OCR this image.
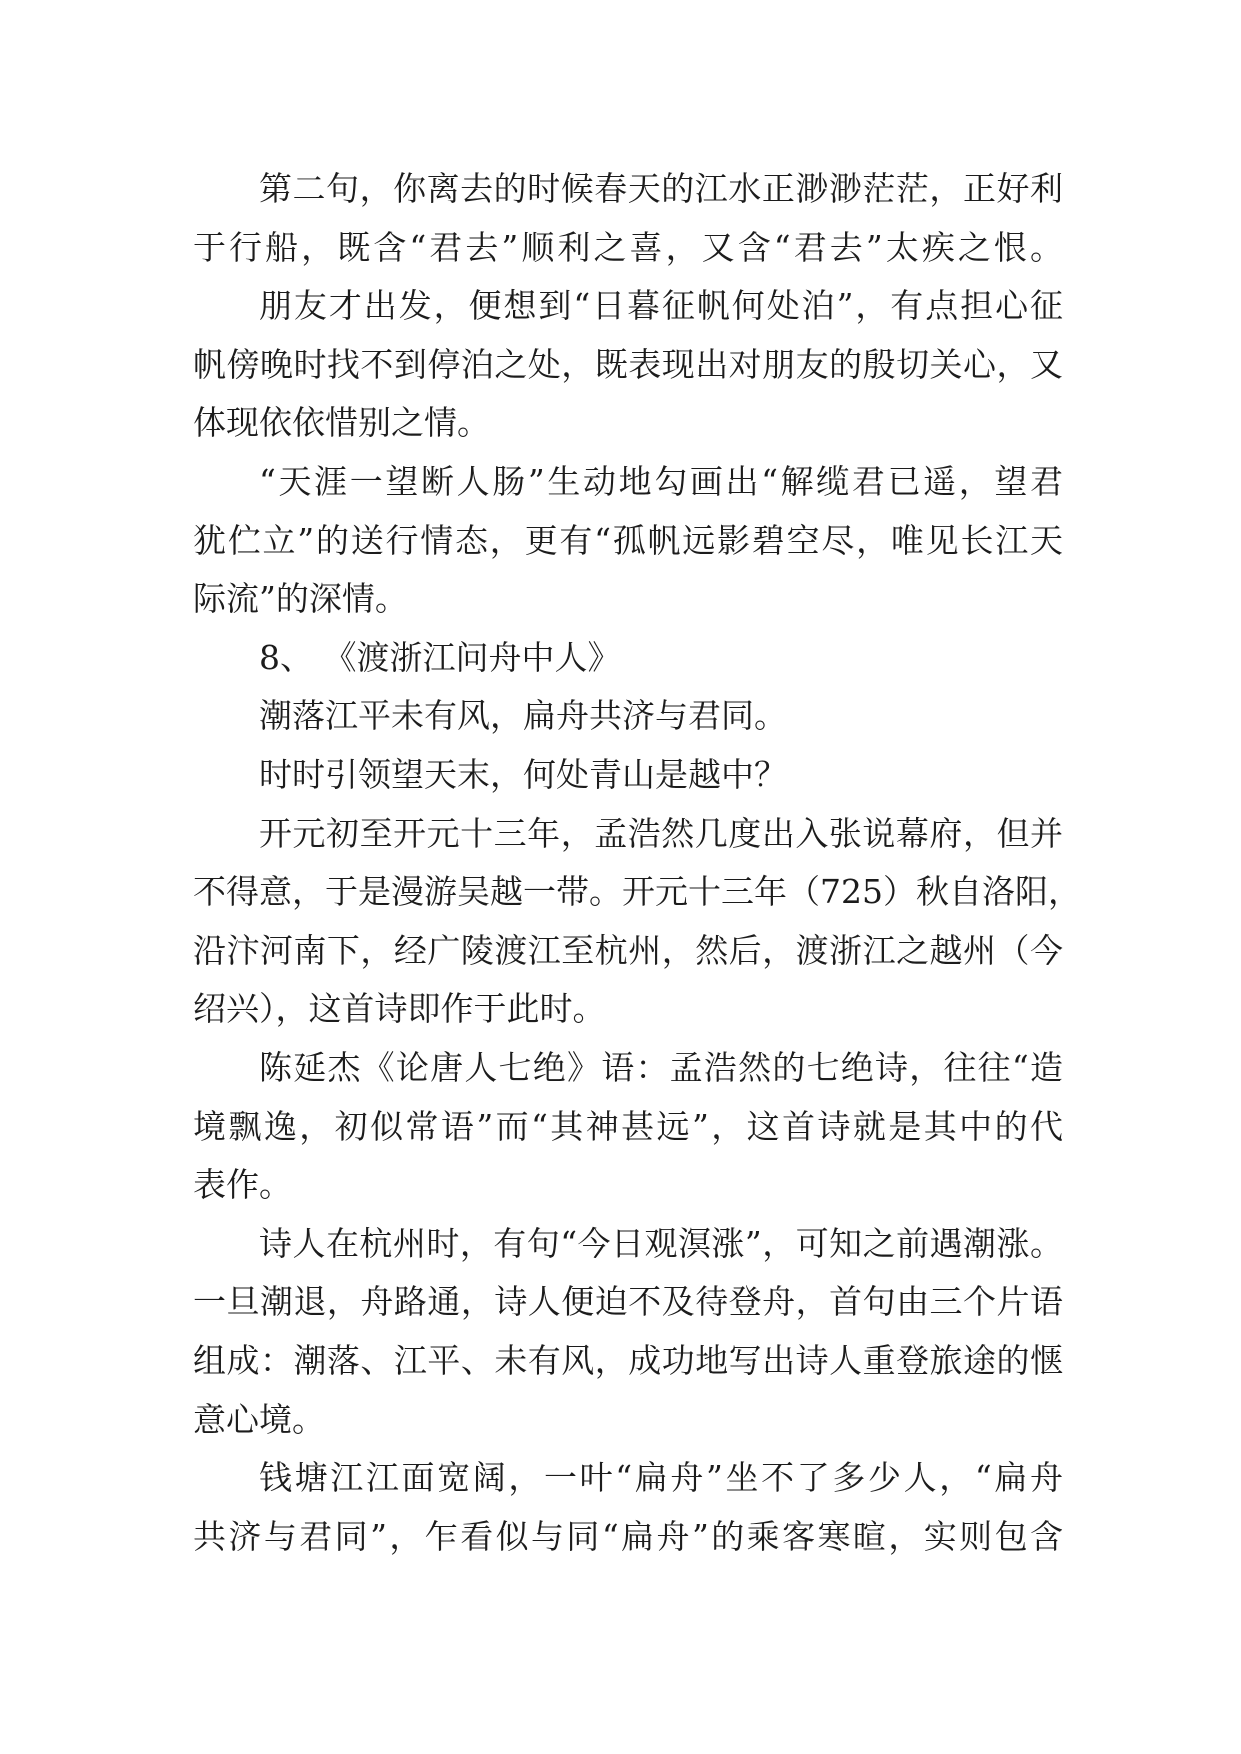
第二句，你离去的时候春天的江水正渺渺茫茫，正好利
于行船，既含“君去”顺利之喜，又含“君去”太疾之恨。
朋友才出发，便想到“日暮征帆何处泊”，有点担心征
帆傍晚时找不到停泊之处，既表现出对朋友的殷切关心，又
体现依依惜别之情。
“天涯一望断人肠”生动地勾画出“解缆君已遥，望君
犹伫立”的送行情态，更有“孤帆远影碧空尽，唯见长江天
际流”的深情。
8、 《渡浙江问舟中人》
潮落江平未有风，扁舟共济与君同。
时时引领望天末，何处青山是越中？
开元初至开元十三年，孟浩然几度出入张说幕府，但并
不得意，于是漫游吴越一带。开元十三年（725）秋自洛阳，
沿汴河南下，经广陵渡江至杭州，然后，渡浙江之越州（今
绍兴），这首诗即作于此时。
陈延杰《论唐人七绝》语：孟浩然的七绝诗，往往“造
境飘逸，初似常语”而“其神甚远”，这首诗就是其中的代
表作。
诗人在杭州时，有句“今日观溟涨”，可知之前遇潮涨。
一旦潮退，舟路通，诗人便迫不及待登舟，首句由三个片语
组成：潮落、江平、未有风，成功地写出诗人重登旅途的惬
意心境。
钱塘江江面宽阔，一叶“扁舟”坐不了多少人，“扁舟
共济与君同”，乍看似与同“扁舟”的乘客寒暄，实则包含
